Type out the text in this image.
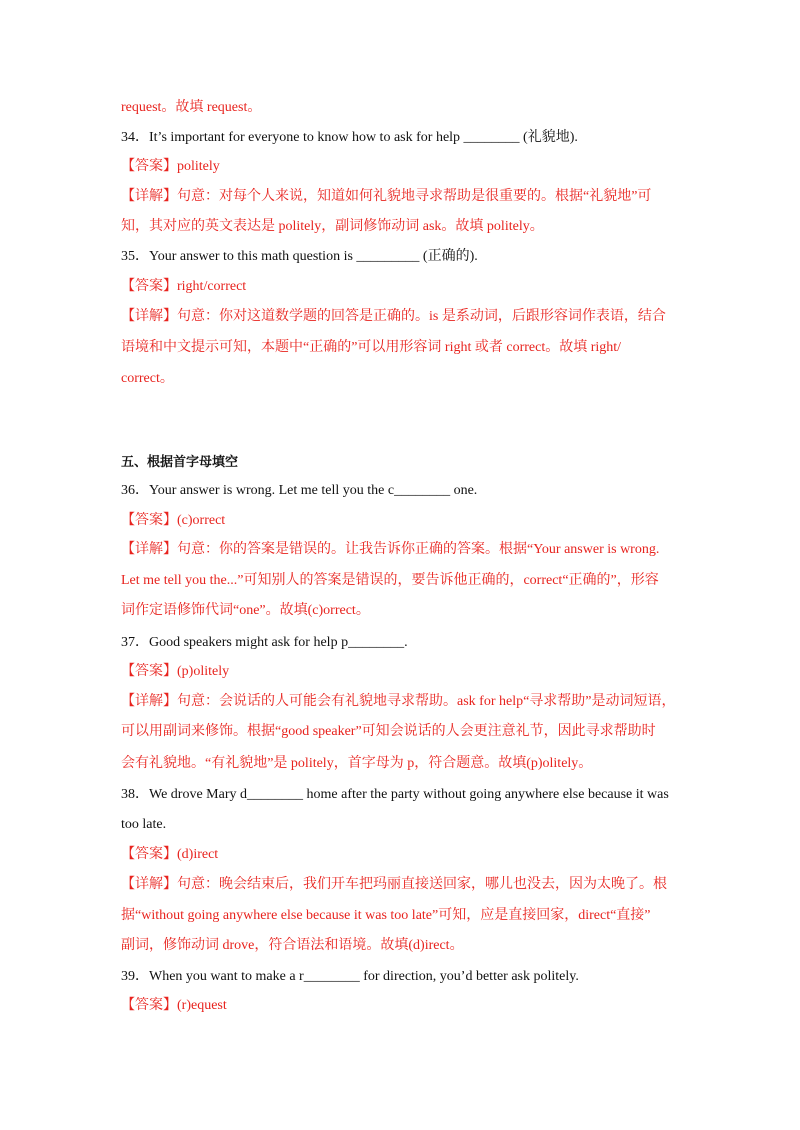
request。故填 request。
34．It’s important for everyone to know how to ask for help ________ (礼貌地).
【答案】politely
【详解】句意：对每个人来说，知道如何礼貌地寻求帮助是很重要的。根据“礼貌地”可
知，其对应的英文表达是 politely，副词修饰动词 ask。故填 politely。
35．Your answer to this math question is _________ (正确的).
【答案】right/correct
【详解】句意：你对这道数学题的回答是正确的。is 是系动词，后跟形容词作表语，结合
语境和中文提示可知，本题中“正确的”可以用形容词 right 或者 correct。故填 right/
correct。
五、根据首字母填空
36．Your answer is wrong. Let me tell you the c________ one.
【答案】(c)orrect
【详解】句意：你的答案是错误的。让我告诉你正确的答案。根据“Your answer is wrong.
Let me tell you the...”可知别人的答案是错误的，要告诉他正确的，correct“正确的”，形容
词作定语修饰代词“one”。故填(c)orrect。
37．Good speakers might ask for help p________.
【答案】(p)olitely
【详解】句意：会说话的人可能会有礼貌地寻求帮助。ask for help“寻求帮助”是动词短语，
可以用副词来修饰。根据“good speaker”可知会说话的人会更注意礼节，因此寻求帮助时
会有礼貌地。“有礼貌地”是 politely，首字母为 p，符合题意。故填(p)olitely。
38．We drove Mary d________ home after the party without going anywhere else because it was
too late.
【答案】(d)irect
【详解】句意：晚会结束后，我们开车把玛丽直接送回家，哪儿也没去，因为太晚了。根
据“without going anywhere else because it was too late”可知，应是直接回家，direct“直接”
副词，修饰动词 drove，符合语法和语境。故填(d)irect。
39．When you want to make a r________ for direction, you’d better ask politely.
【答案】(r)equest
